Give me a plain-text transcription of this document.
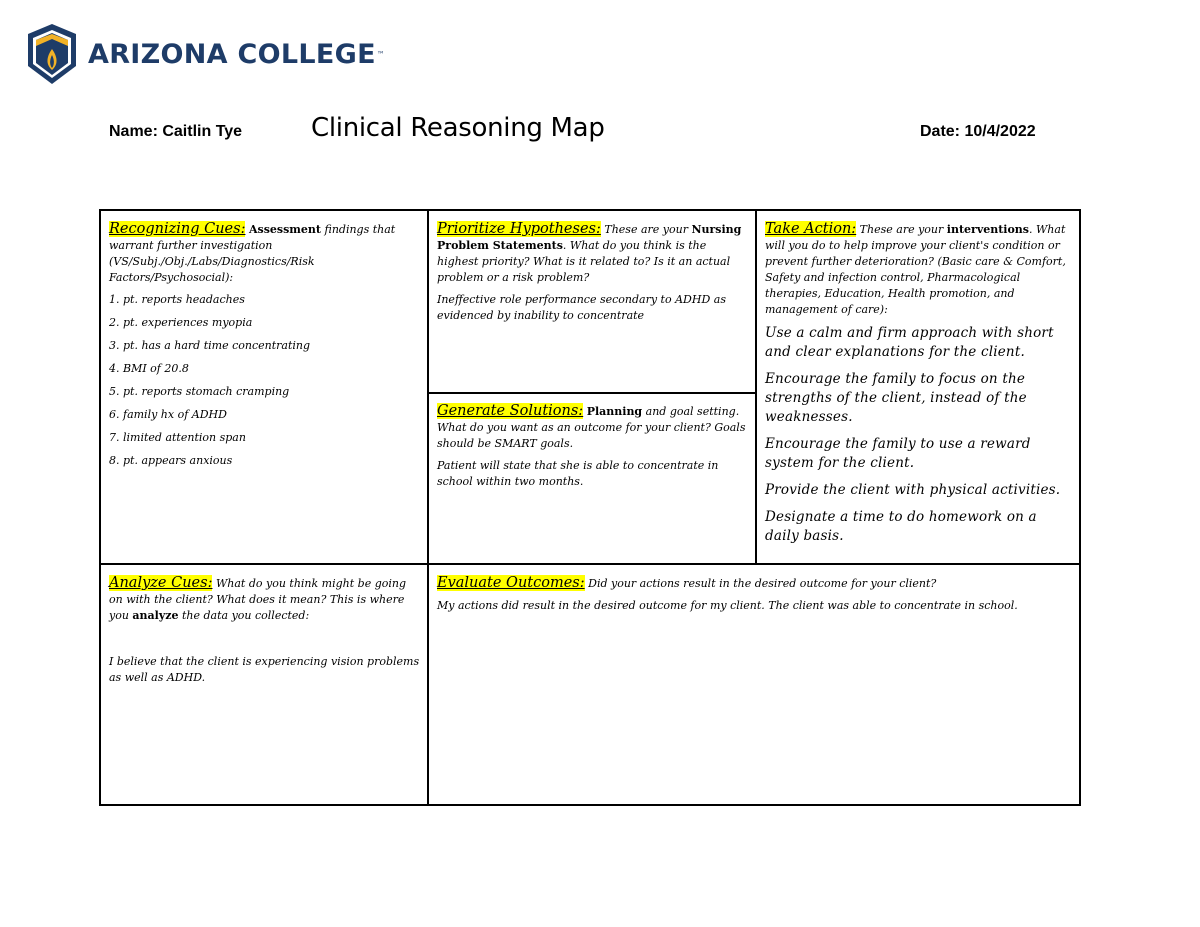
ARIZONA COLLEGE ™
Name: Caitlin Tye	Clinical Reasoning Map	Date: 10/4/2022

Recognizing Cues: Assessment findings that warrant further investigation (VS/Subj./Obj./Labs/Diagnostics/Risk Factors/Psychosocial):

1. pt. reports headaches
2. pt. experiences myopia
3. pt. has a hard time concentrating
4. BMI of 20.8
5. pt. reports stomach cramping
6. family hx of ADHD
7. limited attention span
8. pt. appears anxious

Prioritize Hypotheses: These are your Nursing Problem Statements. What do you think is the highest priority? What is it related to? Is it an actual problem or a risk problem?

Ineffective role performance secondary to ADHD as evidenced by inability to concentrate

Generate Solutions: Planning and goal setting. What do you want as an outcome for your client? Goals should be SMART goals.

Patient will state that she is able to concentrate in school within two months.

Take Action: These are your interventions. What will you do to help improve your client's condition or prevent further deterioration? (Basic care & Comfort, Safety and infection control, Pharmacological therapies, Education, Health promotion, and management of care):

Use a calm and firm approach with short and clear explanations for the client.

Encourage the family to focus on the strengths of the client, instead of the weaknesses.

Encourage the family to use a reward system for the client.

Provide the client with physical activities.

Designate a time to do homework on a daily basis.

Analyze Cues: What do you think might be going on with the client? What does it mean? This is where you analyze the data you collected:

I believe that the client is experiencing vision problems as well as ADHD.

Evaluate Outcomes: Did your actions result in the desired outcome for your client?

My actions did result in the desired outcome for my client. The client was able to concentrate in school.
